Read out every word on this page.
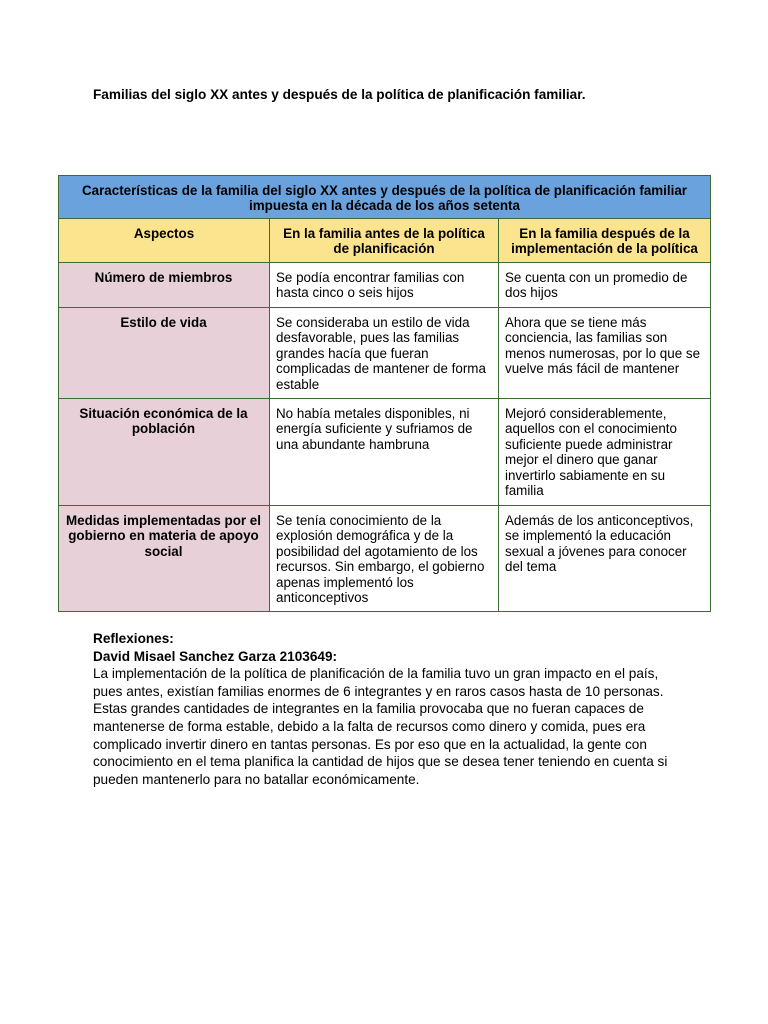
Familias del siglo XX antes y después de la política de planificación familiar.
Características de la familia del siglo XX antes y después de la política de planificación familiar impuesta en la década de los años setenta		
Aspectos	En la familia antes de la política de planificación	En la familia después de la implementación de la política
Número de miembros	Se podía encontrar familias con hasta cinco o seis hijos	Se cuenta con un promedio de dos hijos
Estilo de vida	Se consideraba un estilo de vida desfavorable, pues las familias grandes hacía que fueran complicadas de mantener de forma estable	Ahora que se tiene más conciencia, las familias son menos numerosas, por lo que se vuelve más fácil de mantener
Situación económica de la población	No había metales disponibles, ni energía suficiente y sufriamos de una abundante hambruna	Mejoró considerablemente, aquellos con el conocimiento suficiente puede administrar mejor el dinero que ganar invertirlo sabiamente en su familia
Medidas implementadas por el gobierno en materia de apoyo social	Se tenía conocimiento de la explosión demográfica y de la posibilidad del agotamiento de los recursos. Sin embargo, el gobierno apenas implementó los anticonceptivos	Además de los anticonceptivos, se implementó la educación sexual a jóvenes para conocer del tema
Reflexiones:
David Misael Sanchez Garza 2103649:

La implementación de la política de planificación de la familia tuvo un gran impacto en el país, pues antes, existían familias enormes de 6 integrantes y en raros casos hasta de 10 personas. Estas grandes cantidades de integrantes en la familia provocaba que no fueran capaces de mantenerse de forma estable, debido a la falta de recursos como dinero y comida, pues era complicado invertir dinero en tantas personas. Es por eso que en la actualidad, la gente con conocimiento en el tema planifica la cantidad de hijos que se desea tener teniendo en cuenta si pueden mantenerlo para no batallar económicamente.
